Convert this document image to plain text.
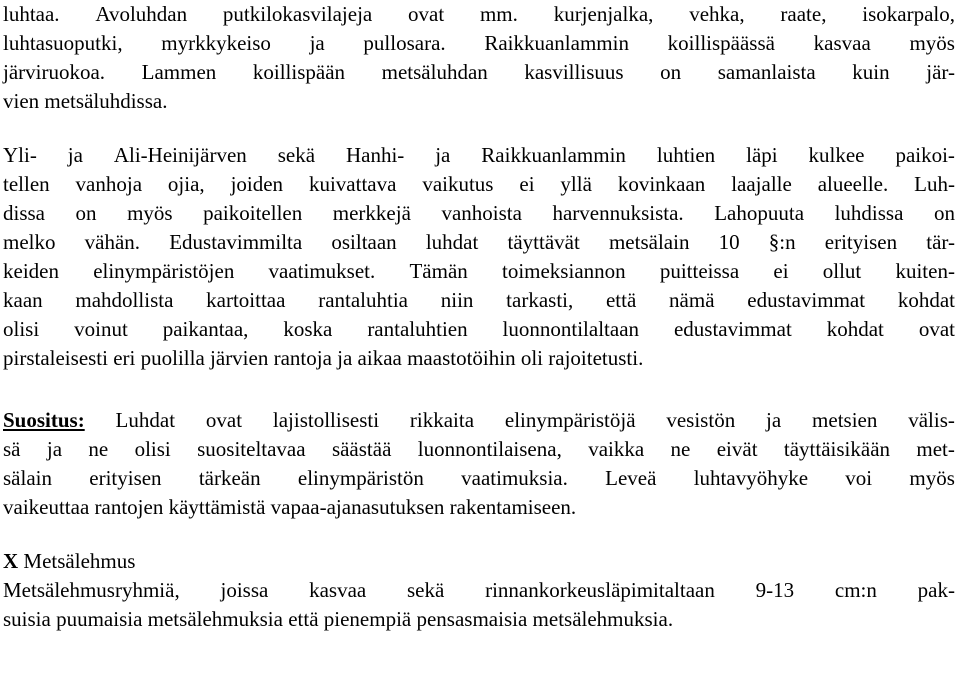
luhtaa. Avoluhdan putkilokasvilajeja ovat mm. kurjenjalka, vehka, raate, isokarpalo,
luhtasuoputki, myrkkykeiso ja pullosara. Raikkuanlammin koillispäässä kasvaa myös
järviruokoa. Lammen koillispään metsäluhdan kasvillisuus on samanlaista kuin jär-
vien metsäluhdissa.
Yli- ja Ali-Heinijärven sekä Hanhi- ja Raikkuanlammin luhtien läpi kulkee paikoi-
tellen vanhoja ojia, joiden kuivattava vaikutus ei yllä kovinkaan laajalle alueelle. Luh-
dissa on myös paikoitellen merkkejä vanhoista harvennuksista. Lahopuuta luhdissa on
melko vähän. Edustavimmilta osiltaan luhdat täyttävät metsälain 10 §:n erityisen tär-
keiden elinympäristöjen vaatimukset. Tämän toimeksiannon puitteissa ei ollut kuiten-
kaan mahdollista kartoittaa rantaluhtia niin tarkasti, että nämä edustavimmat kohdat
olisi voinut paikantaa, koska rantaluhtien luonnontilaltaan edustavimmat kohdat ovat
pirstaleisesti eri puolilla järvien rantoja ja aikaa maastotöihin oli rajoitetusti.
Suositus: Luhdat ovat lajistollisesti rikkaita elinympäristöjä vesistön ja metsien välis-
sä ja ne olisi suositeltavaa säästää luonnontilaisena, vaikka ne eivät täyttäisikään met-
sälain erityisen tärkeän elinympäristön vaatimuksia. Leveä luhtavyöhyke voi myös
vaikeuttaa rantojen käyttämistä vapaa-ajanasutuksen rakentamiseen.
X Metsälehmus
Metsälehmusryhmiä, joissa kasvaa sekä rinnankorkeusläpimitaltaan 9-13 cm:n pak-
suisia puumaisia metsälehmuksia että pienempiä pensasmaisia metsälehmuksia.
